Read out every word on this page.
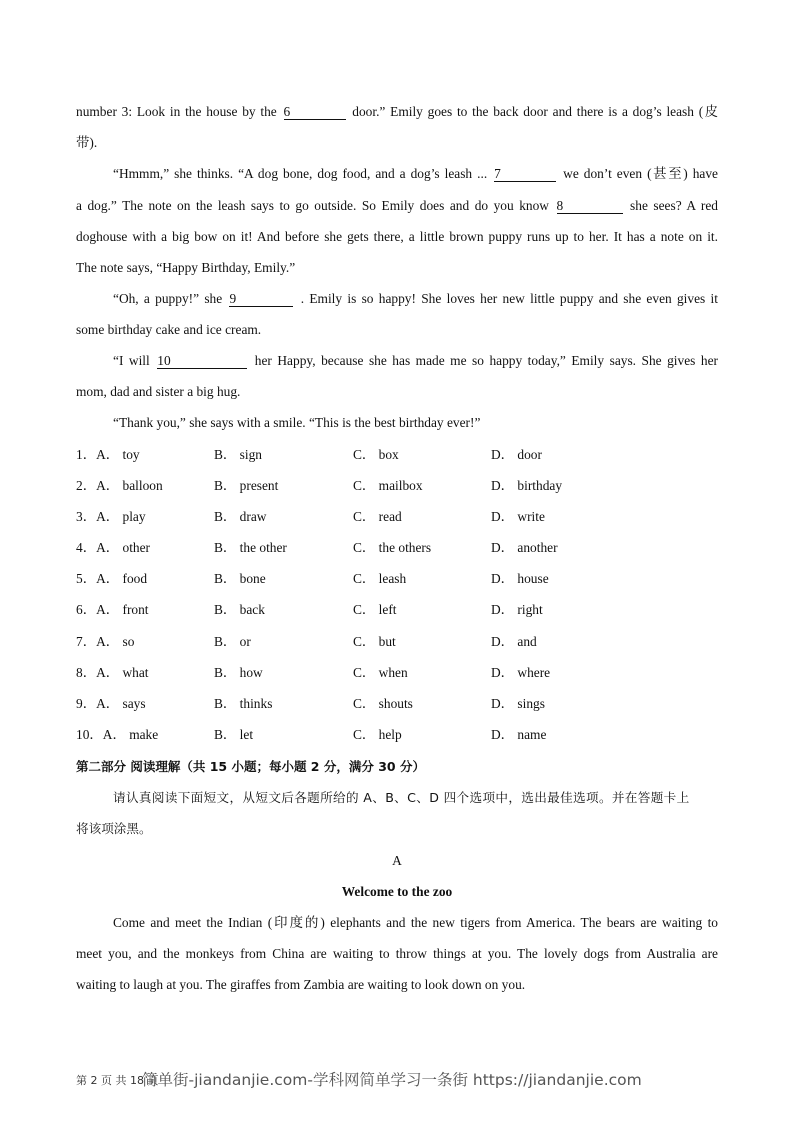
number 3: Look in the house by the 6	door.” Emily goes to the back door and there is a dog’s leash (皮
带).
“Hmmm,” she thinks. “A dog bone, dog food, and a dog’s leash ... 7	we don’t even (甚至) have
a dog.” The note on the leash says to go outside. So Emily does and do you know 8	she sees? A red
doghouse with a big bow on it! And before she gets there, a little brown puppy runs up to her. It has a note on it.
The note says, “Happy Birthday, Emily.”
“Oh, a puppy!” she 9	. Emily is so happy! She loves her new little puppy and she even gives it
some birthday cake and ice cream.
“I will 10	her Happy, because she has made me so happy today,” Emily says. She gives her
mom, dad and sister a big hug.
“Thank you,” she says with a smile. “This is the best birthday ever!”
1．A． toy	B． sign	C． box	D． door
2．A． balloon	B． present	C． mailbox	D． birthday
3．A． play	B． draw	C． read	D． write
4．A． other	B． the other	C． the others	D． another
5．A． food	B． bone	C． leash	D． house
6．A． front	B． back	C． left	D． right
7．A． so	B． or	C． but	D． and
8．A． what	B． how	C． when	D． where
9．A． says	B． thinks	C． shouts	D． sings
10．A． make	B． let	C． help	D． name
第二部分 阅读理解（共 15 小题；每小题 2 分，满分 30 分）
请认真阅读下面短文，从短文后各题所给的 A、B、C、D 四个选项中，选出最佳选项。并在答题卡上
将该项涂黑。
A
Welcome to the zoo
Come and meet the Indian (印度的) elephants and the new tigers from America. The bears are waiting to
meet you, and the monkeys from China are waiting to throw things at you. The lovely dogs from Australia are
waiting to laugh at you. The giraffes from Zambia are waiting to look down on you.
第 2 页 共 18 页
简单街-jiandanjie.com-学科网简单学习一条街 https://jiandanjie.com
